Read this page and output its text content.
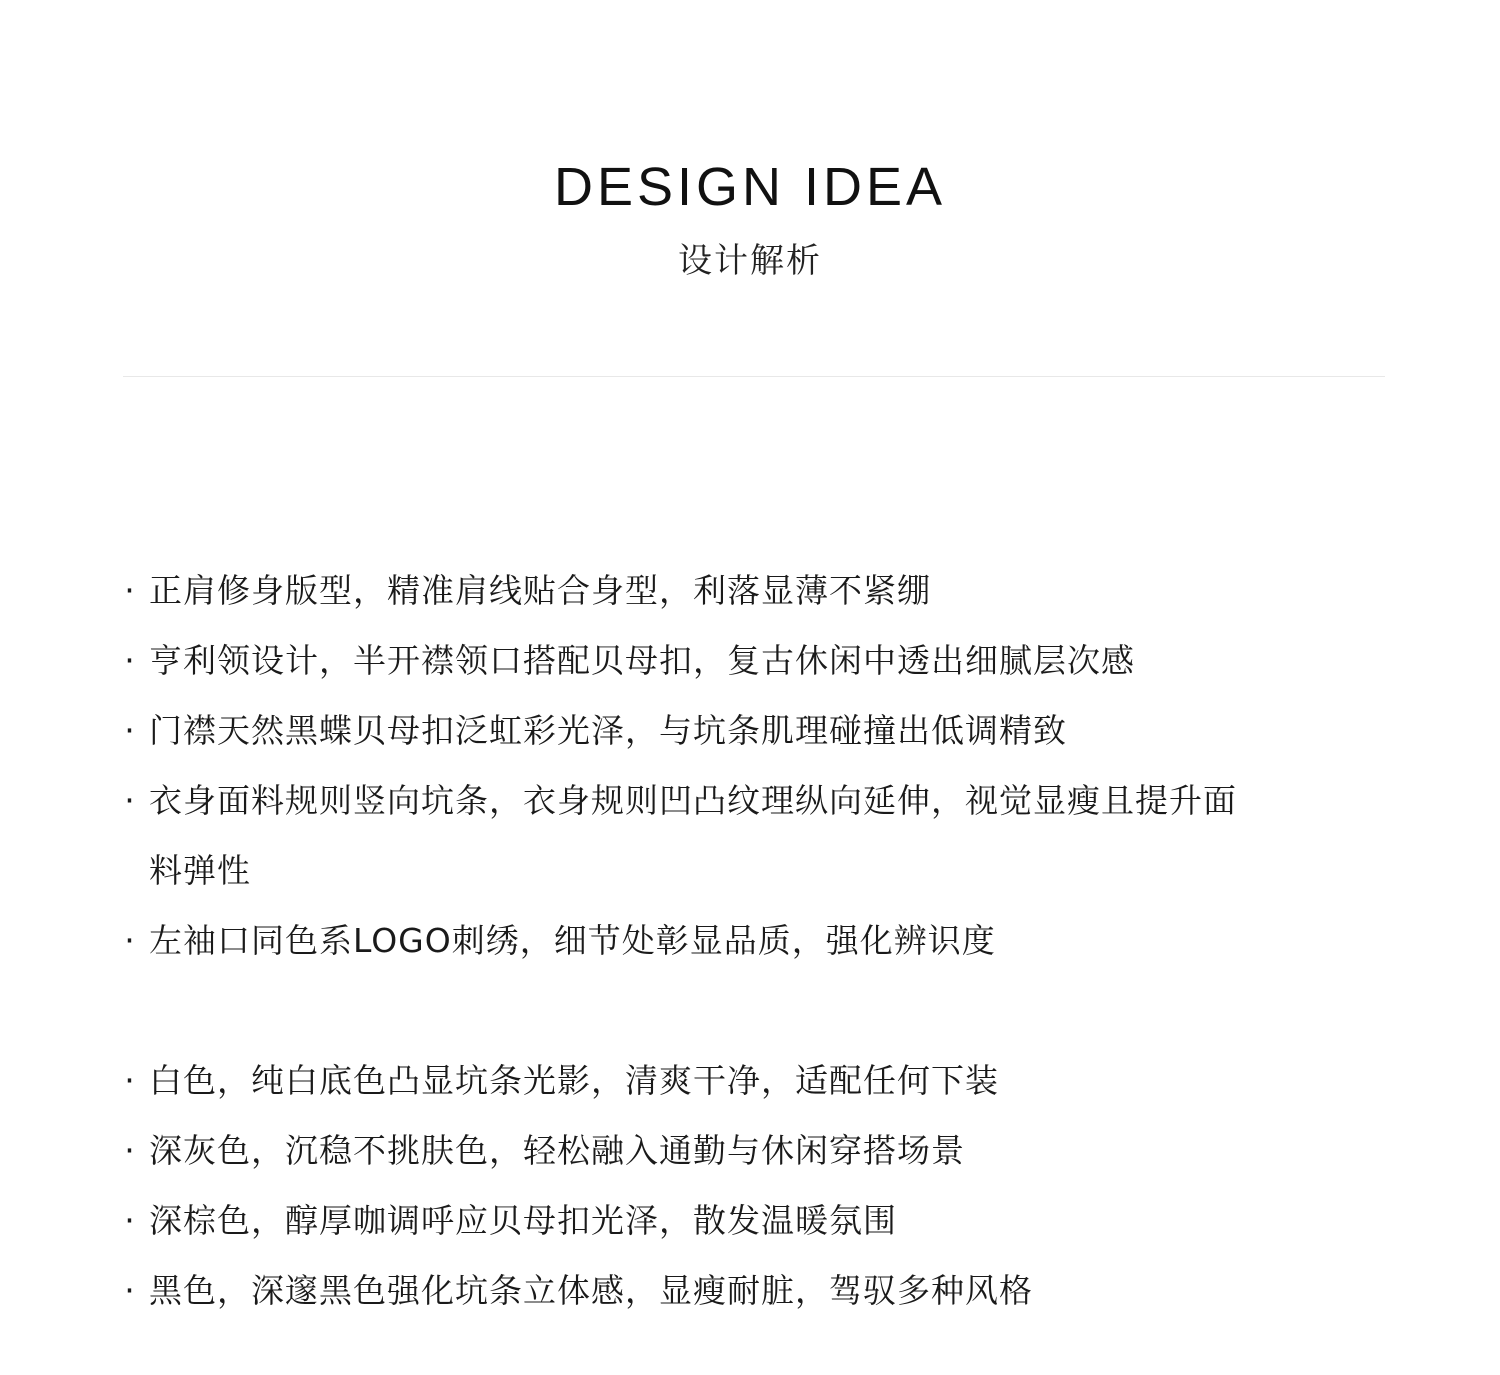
DESIGN IDEA
设计解析
· 正肩修身版型，精准肩线贴合身型，利落显薄不紧绷
· 亨利领设计，半开襟领口搭配贝母扣，复古休闲中透出细腻层次感
· 门襟天然黑蝶贝母扣泛虹彩光泽，与坑条肌理碰撞出低调精致
· 衣身面料规则竖向坑条，衣身规则凹凸纹理纵向延伸，视觉显瘦且提升面料弹性
· 左袖口同色系LOGO刺绣，细节处彰显品质，强化辨识度
· 白色，纯白底色凸显坑条光影，清爽干净，适配任何下装
· 深灰色，沉稳不挑肤色，轻松融入通勤与休闲穿搭场景
· 深棕色，醇厚咖调呼应贝母扣光泽，散发温暖氛围
· 黑色，深邃黑色强化坑条立体感，显瘦耐脏，驾驭多种风格
